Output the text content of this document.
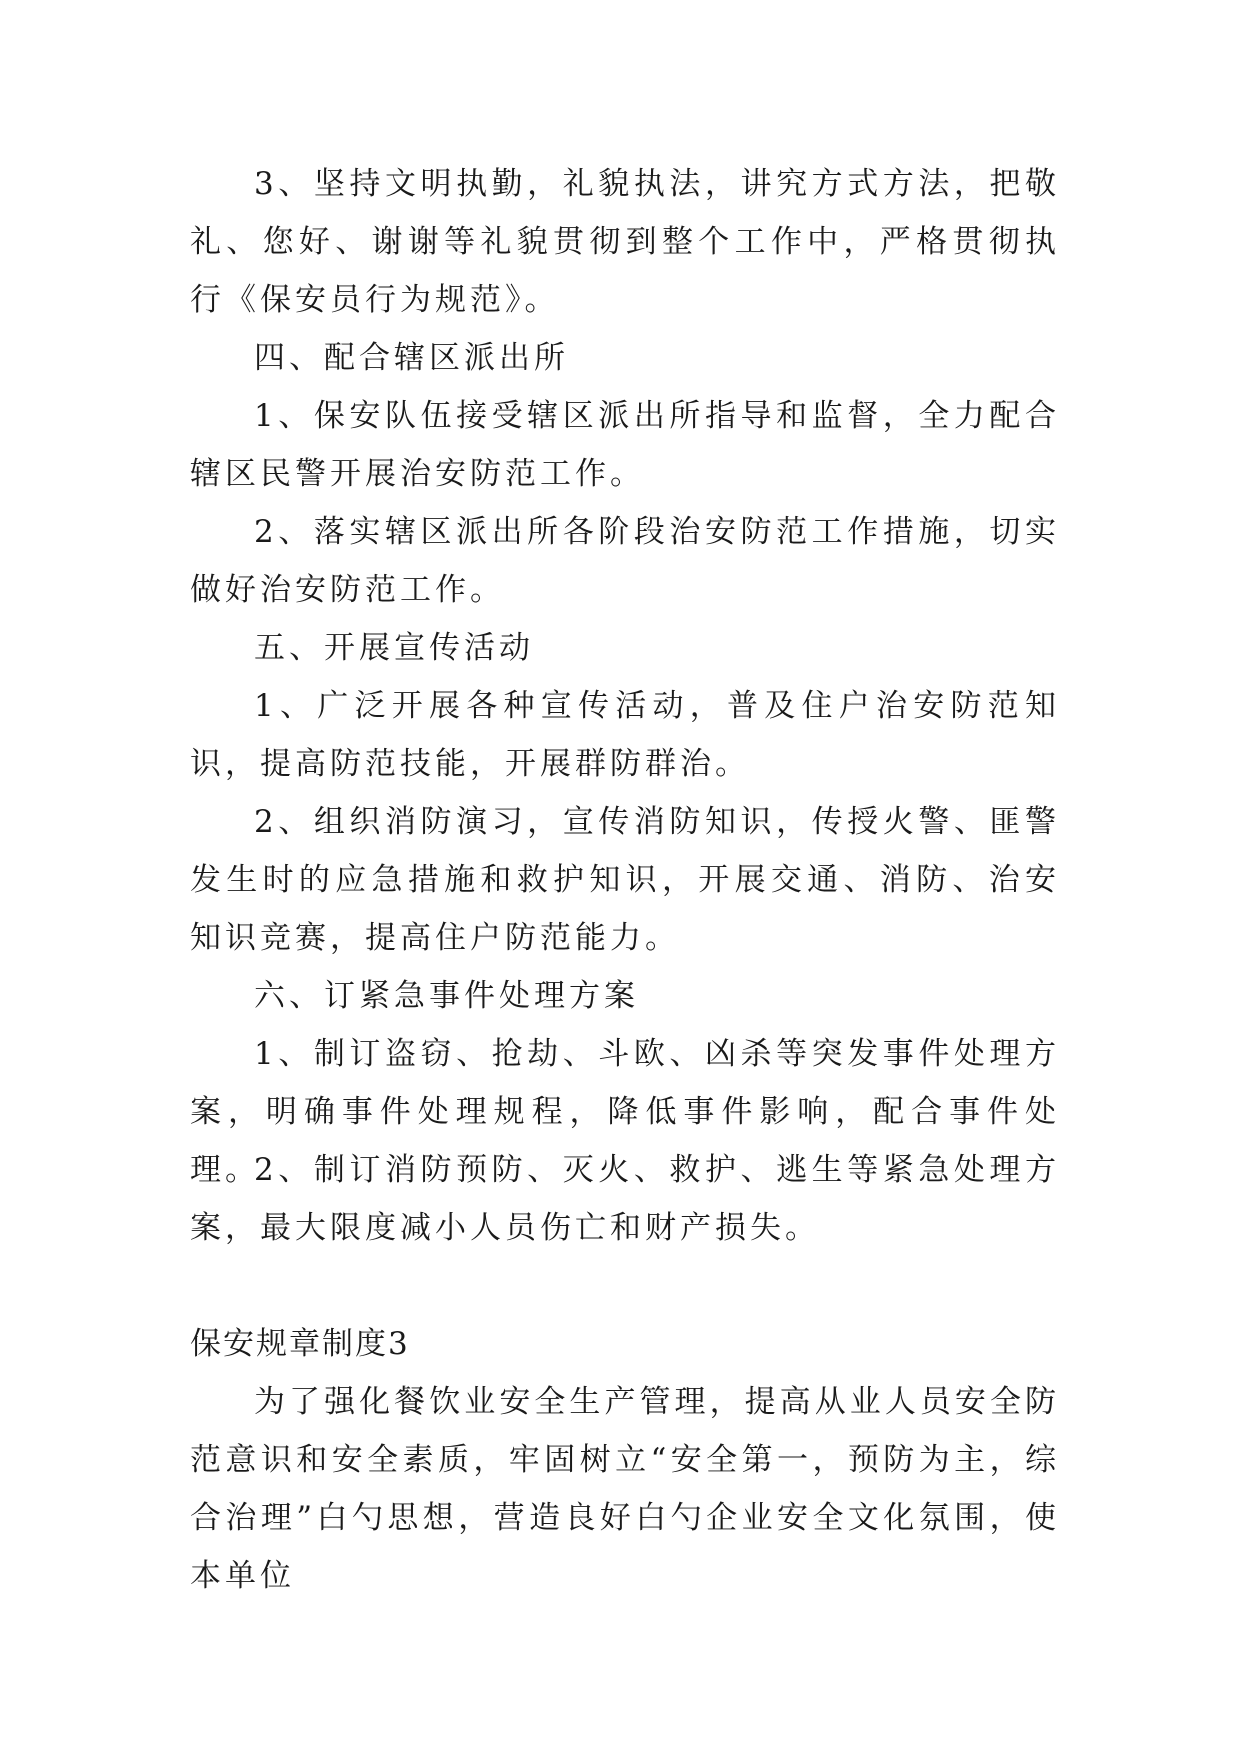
3、坚持文明执勤，礼貌执法，讲究方式方法，把敬礼、您好、谢谢等礼貌贯彻到整个工作中，严格贯彻执行《保安员行为规范》。

四、配合辖区派出所

1、保安队伍接受辖区派出所指导和监督，全力配合辖区民警开展治安防范工作。

2、落实辖区派出所各阶段治安防范工作措施，切实做好治安防范工作。

五、开展宣传活动

1、广泛开展各种宣传活动，普及住户治安防范知识，提高防范技能，开展群防群治。

2、组织消防演习，宣传消防知识，传授火警、匪警发生时的应急措施和救护知识，开展交通、消防、治安知识竞赛，提高住户防范能力。

六、订紧急事件处理方案

1、制订盗窃、抢劫、斗欧、凶杀等突发事件处理方案，明确事件处理规程，降低事件影响，配合事件处理。

2、制订消防预防、灭火、救护、逃生等紧急处理方案，最大限度减小人员伤亡和财产损失。

保安规章制度3

为了强化餐饮业安全生产管理，提高从业人员安全防范意识和安全素质，牢固树立“安全第一，预防为主，综合治理”白勺思想，营造良好白勺企业安全文化氛围，使本单位
